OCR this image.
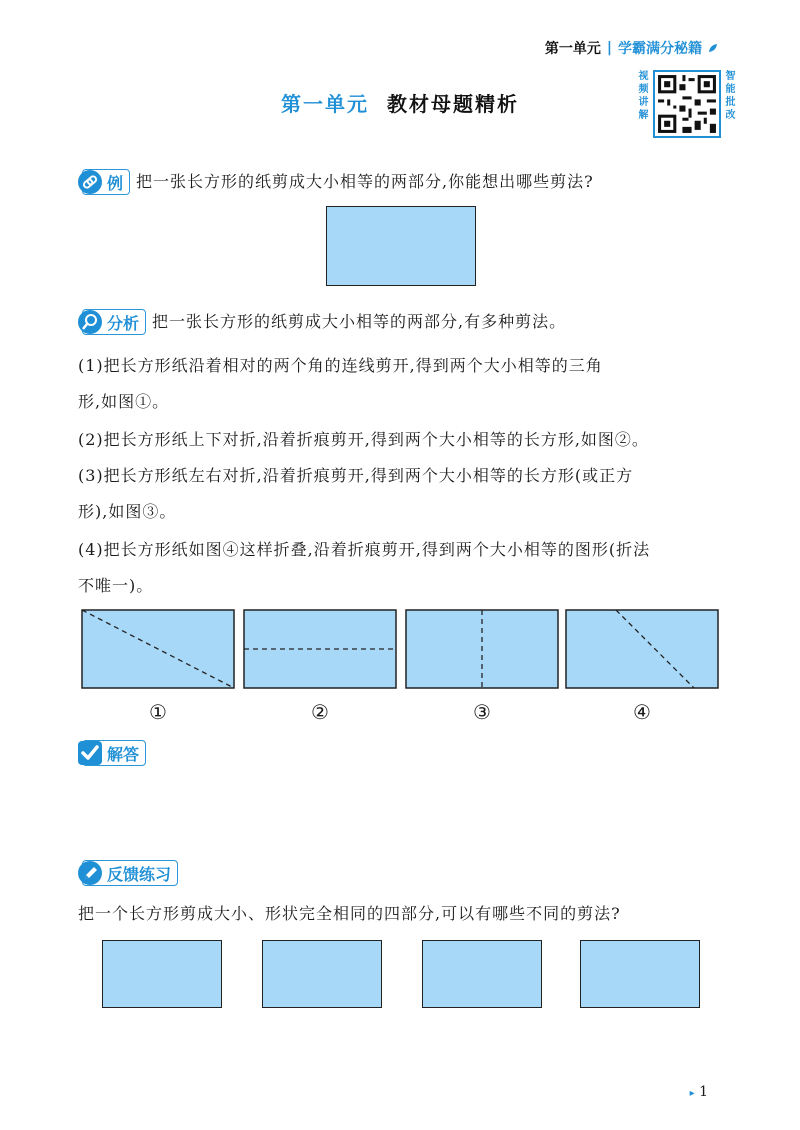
第一单元 | 学霸满分秘籍
视频讲解
智能批改
第一单元 教材母题精析
例 把一张长方形的纸剪成大小相等的两部分,你能想出哪些剪法?
分析 把一张长方形的纸剪成大小相等的两部分,有多种剪法。
(1)把长方形纸沿着相对的两个角的连线剪开,得到两个大小相等的三角
形,如图①。
(2)把长方形纸上下对折,沿着折痕剪开,得到两个大小相等的长方形,如图②。
(3)把长方形纸左右对折,沿着折痕剪开,得到两个大小相等的长方形(或正方
形),如图③。
(4)把长方形纸如图④这样折叠,沿着折痕剪开,得到两个大小相等的图形(折法
不唯一)。
①	②	③	④
解答
反馈练习
把一个长方形剪成大小、形状完全相同的四部分,可以有哪些不同的剪法?
▸ 1
